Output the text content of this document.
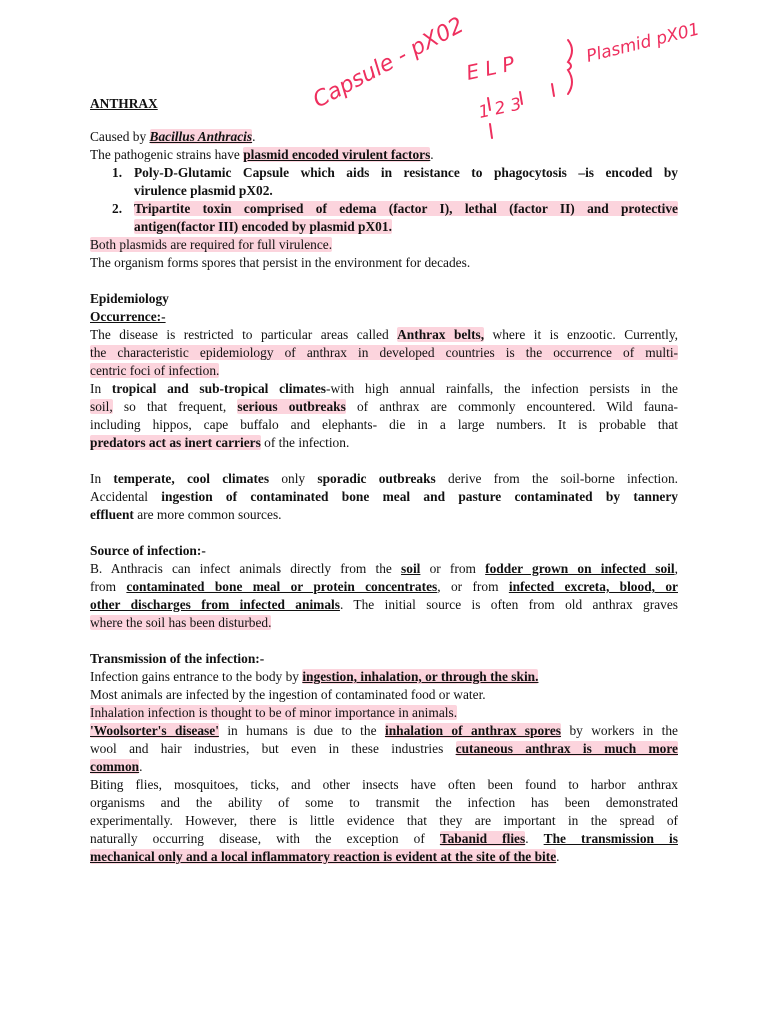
Capsule - pX02
E L P
1 2 3
Plasmid pX01
ANTHRAX
Caused by Bacillus Anthracis.
The pathogenic strains have plasmid encoded virulent factors.
1. Poly-D-Glutamic Capsule which aids in resistance to phagocytosis –is encoded by
virulence plasmid pX02.
2. Tripartite toxin comprised of edema (factor I), lethal (factor II) and protective
antigen(factor III) encoded by plasmid pX01.
Both plasmids are required for full virulence.
The organism forms spores that persist in the environment for decades.
Epidemiology
Occurrence:-
The disease is restricted to particular areas called Anthrax belts, where it is enzootic. Currently,
the characteristic epidemiology of anthrax in developed countries is the occurrence of multi-
centric foci of infection.
In tropical and sub-tropical climates-with high annual rainfalls, the infection persists in the
soil, so that frequent, serious outbreaks of anthrax are commonly encountered. Wild fauna-
including hippos, cape buffalo and elephants- die in a large numbers. It is probable that
predators act as inert carriers of the infection.
In temperate, cool climates only sporadic outbreaks derive from the soil-borne infection.
Accidental ingestion of contaminated bone meal and pasture contaminated by tannery
effluent are more common sources.
Source of infection:-
B. Anthracis can infect animals directly from the soil or from fodder grown on infected soil,
from contaminated bone meal or protein concentrates, or from infected excreta, blood, or
other discharges from infected animals. The initial source is often from old anthrax graves
where the soil has been disturbed.
Transmission of the infection:-
Infection gains entrance to the body by ingestion, inhalation, or through the skin.
Most animals are infected by the ingestion of contaminated food or water.
Inhalation infection is thought to be of minor importance in animals.
'Woolsorter's disease' in humans is due to the inhalation of anthrax spores by workers in the
wool and hair industries, but even in these industries cutaneous anthrax is much more
common.
Biting flies, mosquitoes, ticks, and other insects have often been found to harbor anthrax
organisms and the ability of some to transmit the infection has been demonstrated
experimentally. However, there is little evidence that they are important in the spread of
naturally occurring disease, with the exception of Tabanid flies. The transmission is
mechanical only and a local inflammatory reaction is evident at the site of the bite.
